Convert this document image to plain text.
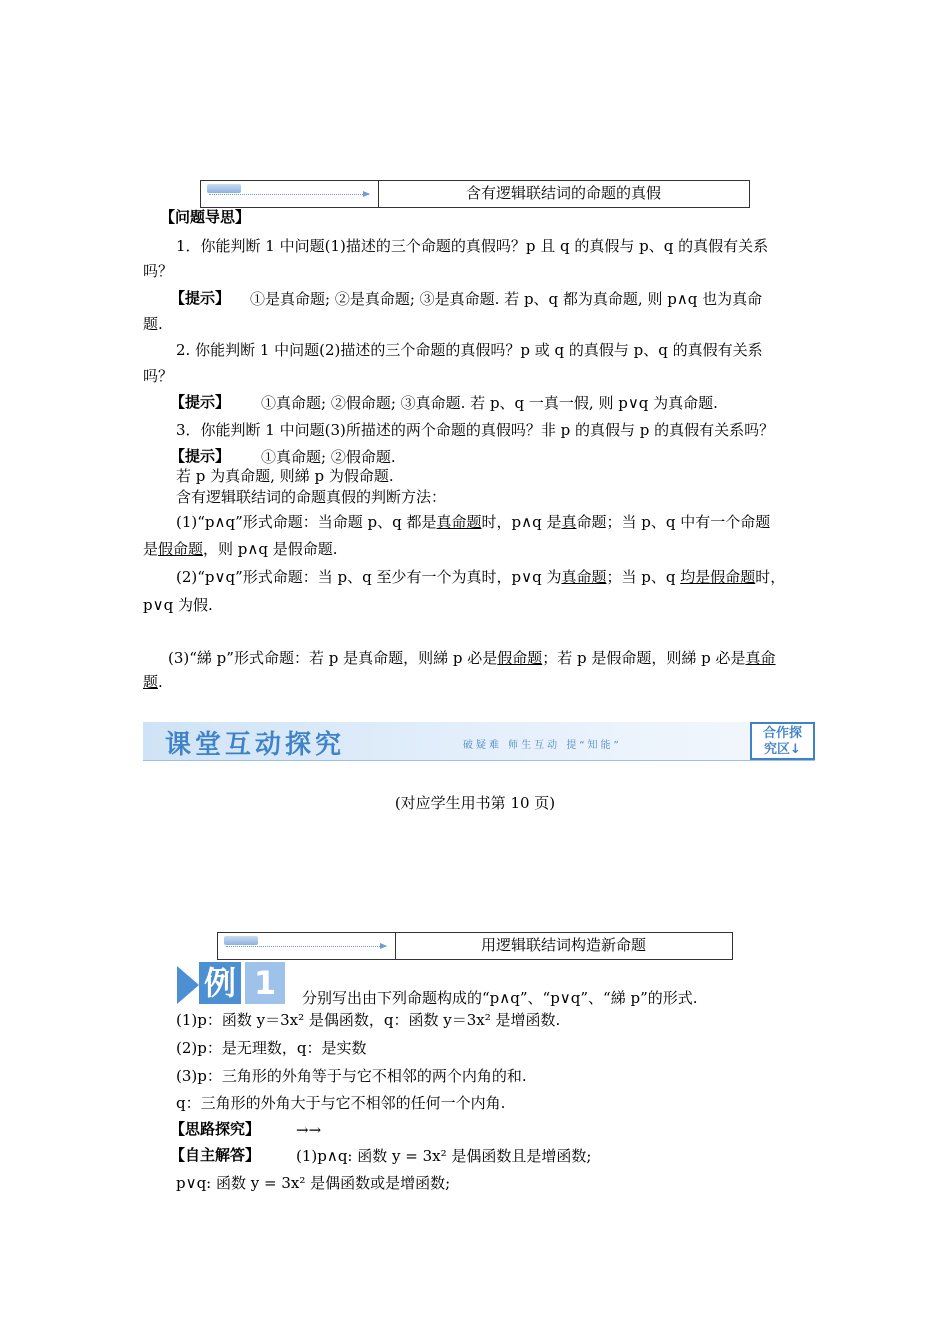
含有逻辑联结词的命题的真假
【问题导思】
1．你能判断 1 中问题(1)描述的三个命题的真假吗？p 且 q 的真假与 p、q 的真假有关系
吗？
【提示】 ①是真命题; ②是真命题; ③是真命题. 若 p、q 都为真命题, 则 p∧q 也为真命
题.
2. 你能判断 1 中问题(2)描述的三个命题的真假吗？p 或 q 的真假与 p、q 的真假有关系
吗？
【提示】 ①真命题; ②假命题; ③真命题. 若 p、q 一真一假, 则 p∨q 为真命题.
3．你能判断 1 中问题(3)所描述的两个命题的真假吗？非 p 的真假与 p 的真假有关系吗？
【提示】 ①真命题; ②假命题.
若 p 为真命题, 则綈 p 为假命题.
含有逻辑联结词的命题真假的判断方法：
(1)“p∧q”形式命题：当命题 p、q 都是真命题时，p∧q 是真命题；当 p、q 中有一个命题
是假命题，则 p∧q 是假命题.
(2)“p∨q”形式命题：当 p、q 至少有一个为真时，p∨q 为真命题；当 p、q 均是假命题时，
p∨q 为假.
(3)“綈 p”形式命题：若 p 是真命题，则綈 p 必是假命题；若 p 是假命题，则綈 p 必是真命
题.
课堂互动探究	破疑难 师生互动 提“知能”
合作探
究区↓
(对应学生用书第 10 页)
用逻辑联结词构造新命题
例 1	分别写出由下列命题构成的“p∧q”、“p∨q”、“綈 p”的形式.
(1)p：函数 y＝3x² 是偶函数，q：函数 y＝3x² 是增函数.
(2)p：是无理数，q：是实数
(3)p：三角形的外角等于与它不相邻的两个内角的和.
q：三角形的外角大于与它不相邻的任何一个内角.
【思路探究】 →→
【自主解答】 (1)p∧q: 函数 y = 3x² 是偶函数且是增函数;
p∨q: 函数 y = 3x² 是偶函数或是增函数;
